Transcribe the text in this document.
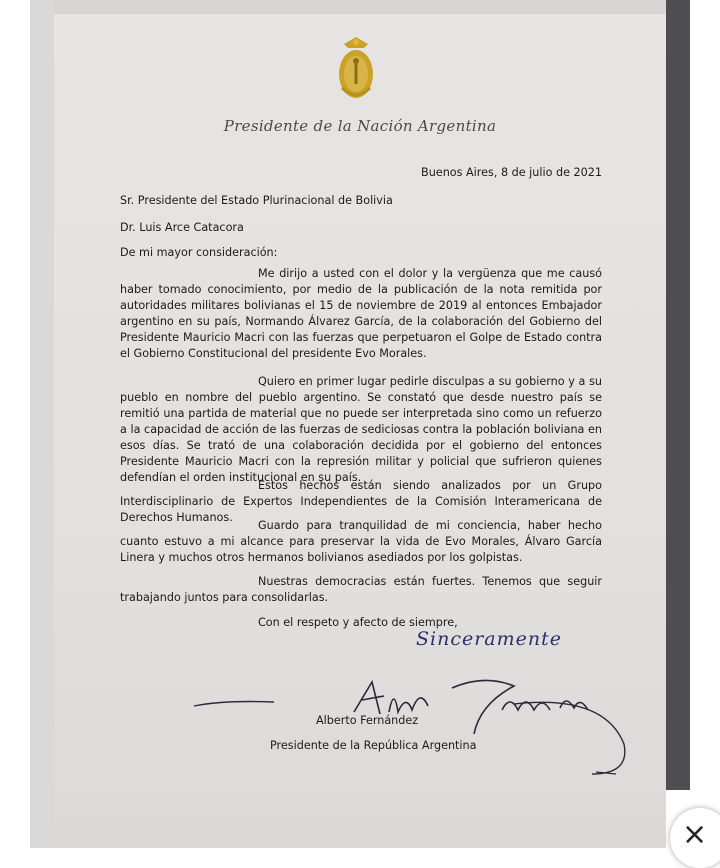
Presidente de la Nación Argentina
Buenos Aires, 8 de julio de 2021
Sr. Presidente del Estado Plurinacional de Bolivia
Dr. Luis Arce Catacora
De mi mayor consideración:

Me dirijo a usted con el dolor y la vergüenza que me causó haber tomado conocimiento, por medio de la publicación de la nota remitida por autoridades militares bolivianas el 15 de noviembre de 2019 al entonces Embajador argentino en su país, Normando Álvarez García, de la colaboración del Gobierno del Presidente Mauricio Macri con las fuerzas que perpetuaron el Golpe de Estado contra el Gobierno Constitucional del presidente Evo Morales.

Quiero en primer lugar pedirle disculpas a su gobierno y a su pueblo en nombre del pueblo argentino. Se constató que desde nuestro país se remitió una partida de material que no puede ser interpretada sino como un refuerzo a la capacidad de acción de las fuerzas de sediciosas contra la población boliviana en esos días. Se trató de una colaboración decidida por el gobierno del entonces Presidente Mauricio Macri con la represión militar y policial que sufrieron quienes defendían el orden institucional en su país.

Estos hechos están siendo analizados por un Grupo Interdisciplinario de Expertos Independientes de la Comisión Interamericana de Derechos Humanos.

Guardo para tranquilidad de mi conciencia, haber hecho cuanto estuvo a mi alcance para preservar la vida de Evo Morales, Álvaro García Linera y muchos otros hermanos bolivianos asediados por los golpistas.

Nuestras democracias están fuertes. Tenemos que seguir trabajando juntos para consolidarlas.

Con el respeto y afecto de siempre,
Sinceramente
Alberto Fernández
Presidente de la República Argentina
×
